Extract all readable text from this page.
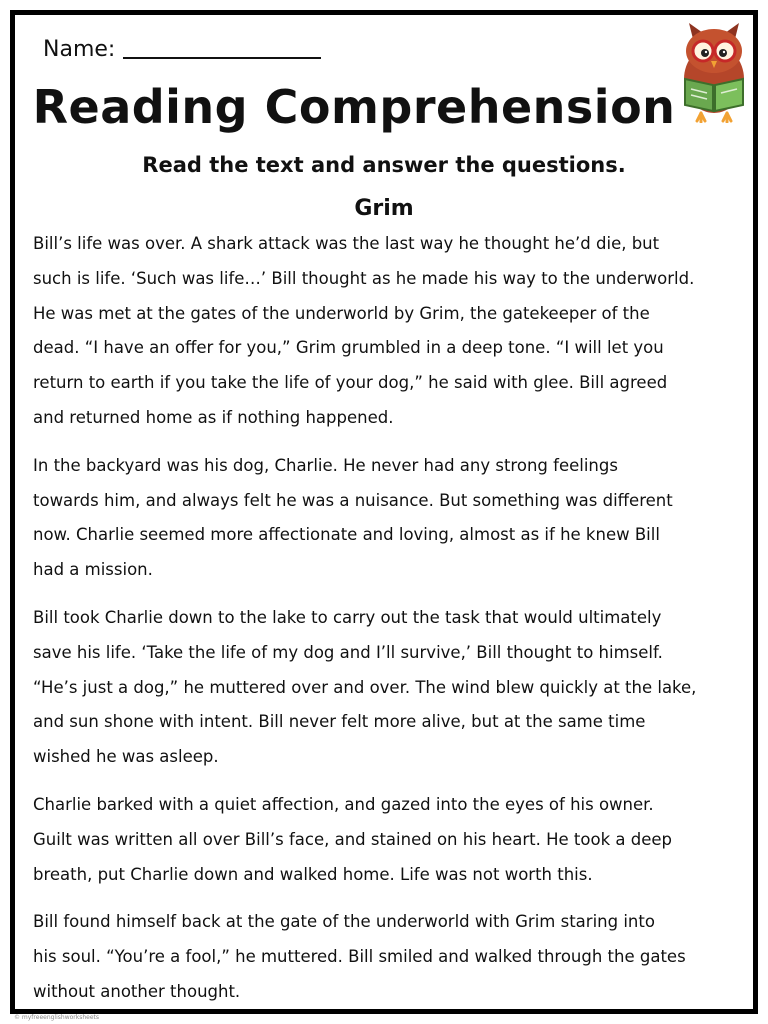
Name:
Reading Comprehension
Read the text and answer the questions.
Grim

Bill’s life was over. A shark attack was the last way he thought he’d die, but
such is life. ‘Such was life…’ Bill thought as he made his way to the underworld.
He was met at the gates of the underworld by Grim, the gatekeeper of the
dead. “I have an offer for you,” Grim grumbled in a deep tone. “I will let you
return to earth if you take the life of your dog,” he said with glee. Bill agreed
and returned home as if nothing happened.

In the backyard was his dog, Charlie. He never had any strong feelings
towards him, and always felt he was a nuisance. But something was different
now. Charlie seemed more affectionate and loving, almost as if he knew Bill
had a mission.

Bill took Charlie down to the lake to carry out the task that would ultimately
save his life. ‘Take the life of my dog and I’ll survive,’ Bill thought to himself.
“He’s just a dog,” he muttered over and over. The wind blew quickly at the lake,
and sun shone with intent. Bill never felt more alive, but at the same time
wished he was asleep.

Charlie barked with a quiet affection, and gazed into the eyes of his owner.
Guilt was written all over Bill’s face, and stained on his heart. He took a deep
breath, put Charlie down and walked home. Life was not worth this.

Bill found himself back at the gate of the underworld with Grim staring into
his soul. “You’re a fool,” he muttered. Bill smiled and walked through the gates
without another thought.

© myfreeenglishworksheets
